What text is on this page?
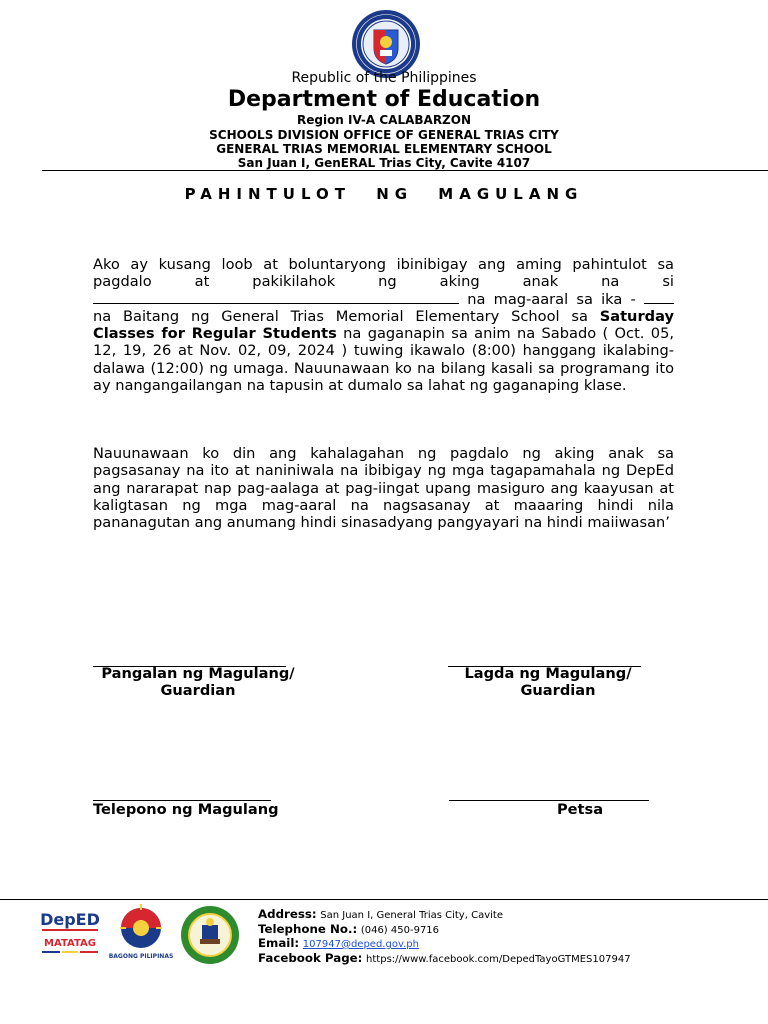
Republic of the Philippines
Department of Education
Region IV-A CALABARZON
SCHOOLS DIVISION OFFICE OF GENERAL TRIAS CITY
GENERAL TRIAS MEMORIAL ELEMENTARY SCHOOL
San Juan I, GenERAL Trias City, Cavite 4107
PAHINTULOT NG MAGULANG
Ako ay kusang loob at boluntaryong ibinibigay ang aming pahintulot sa pagdalo at pakikilahok ng aking anak na si  na mag-aaral sa ika -  na Baitang ng General Trias Memorial Elementary School sa Saturday Classes for Regular Students na gaganapin sa anim na Sabado ( Oct. 05, 12, 19, 26 at Nov. 02, 09, 2024 ) tuwing ikawalo (8:00) hanggang ikalabing-dalawa (12:00) ng umaga. Nauunawaan ko na bilang kasali sa programang ito ay nangangailangan na tapusin at dumalo sa lahat ng gaganaping klase.
Nauunawaan ko din ang kahalagahan ng pagdalo ng aking anak sa pagsasanay na ito at naniniwala na ibibigay ng mga tagapamahala ng DepEd ang nararapat nap pag-aalaga at pag-iingat upang masiguro ang kaayusan at kaligtasan ng mga mag-aaral na nagsasanay at maaaring hindi nila pananagutan ang anumang hindi sinasadyang pangyayari na hindi maiiwasan’
Pangalan ng Magulang/
Guardian
Lagda ng Magulang/
Guardian
Telepono ng Magulang	Petsa
DepED
MATATAG
BAGONG PILIPINAS
Address: San Juan I, General Trias City, Cavite
Telephone No.: (046) 450-9716
Email: 107947@deped.gov.ph
Facebook Page: https://www.facebook.com/DepedTayoGTMES107947
